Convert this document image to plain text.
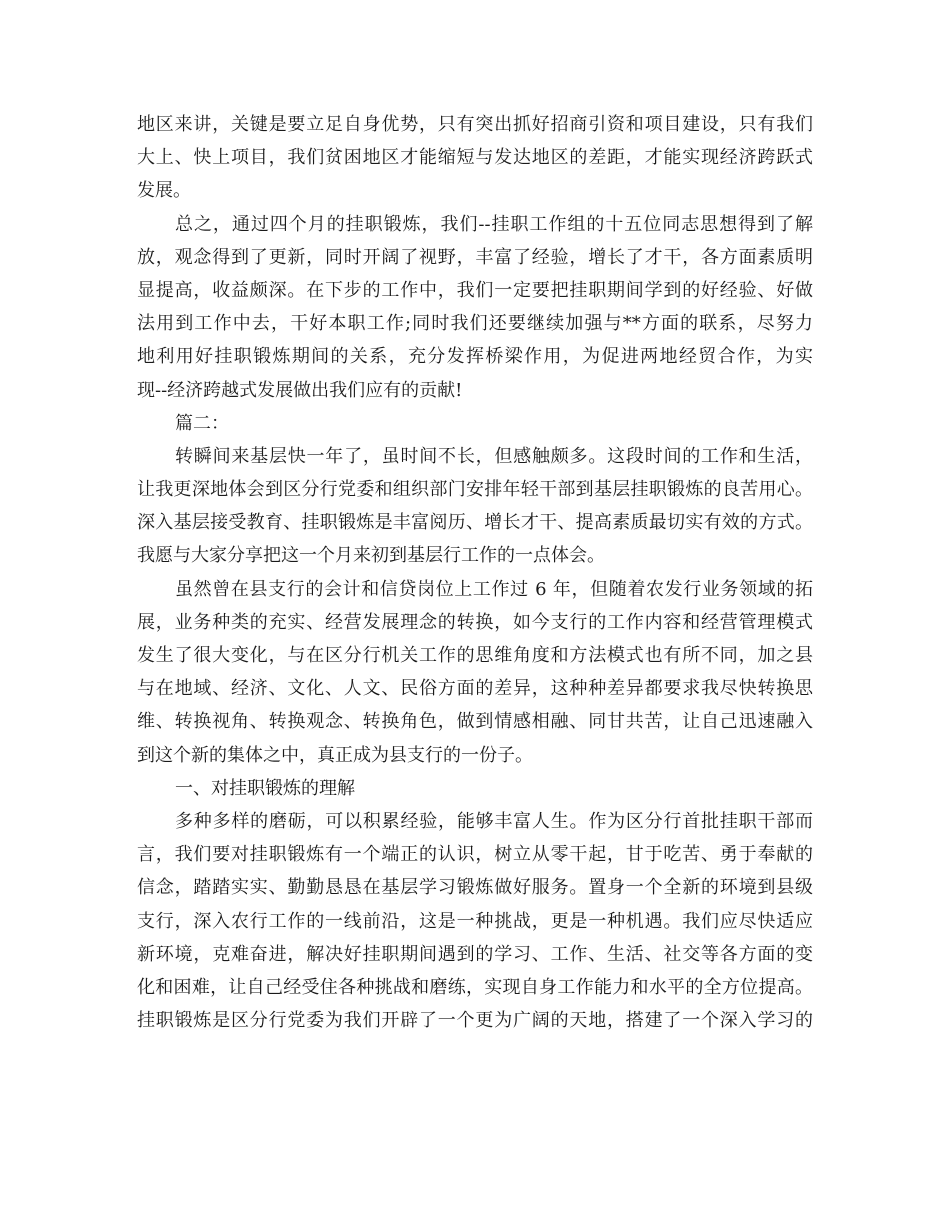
地区来讲，关键是要立足自身优势，只有突出抓好招商引资和项目建设，只有我们
大上、快上项目，我们贫困地区才能缩短与发达地区的差距，才能实现经济跨跃式
发展。
总之，通过四个月的挂职锻炼，我们--挂职工作组的十五位同志思想得到了解
放，观念得到了更新，同时开阔了视野，丰富了经验，增长了才干，各方面素质明
显提高，收益颇深。在下步的工作中，我们一定要把挂职期间学到的好经验、好做
法用到工作中去，干好本职工作;同时我们还要继续加强与**方面的联系，尽努力
地利用好挂职锻炼期间的关系，充分发挥桥梁作用，为促进两地经贸合作，为实
现--经济跨越式发展做出我们应有的贡献!
篇二：
转瞬间来基层快一年了，虽时间不长，但感触颇多。这段时间的工作和生活，
让我更深地体会到区分行党委和组织部门安排年轻干部到基层挂职锻炼的良苦用心。
深入基层接受教育、挂职锻炼是丰富阅历、增长才干、提高素质最切实有效的方式。
我愿与大家分享把这一个月来初到基层行工作的一点体会。
虽然曾在县支行的会计和信贷岗位上工作过 6 年，但随着农发行业务领域的拓
展，业务种类的充实、经营发展理念的转换，如今支行的工作内容和经营管理模式
发生了很大变化，与在区分行机关工作的思维角度和方法模式也有所不同，加之县
与在地域、经济、文化、人文、民俗方面的差异，这种种差异都要求我尽快转换思
维、转换视角、转换观念、转换角色，做到情感相融、同甘共苦，让自己迅速融入
到这个新的集体之中，真正成为县支行的一份子。
一、对挂职锻炼的理解
多种多样的磨砺，可以积累经验，能够丰富人生。作为区分行首批挂职干部而
言，我们要对挂职锻炼有一个端正的认识，树立从零干起，甘于吃苦、勇于奉献的
信念，踏踏实实、勤勤恳恳在基层学习锻炼做好服务。置身一个全新的环境到县级
支行，深入农行工作的一线前沿，这是一种挑战，更是一种机遇。我们应尽快适应
新环境，克难奋进，解决好挂职期间遇到的学习、工作、生活、社交等各方面的变
化和困难，让自己经受住各种挑战和磨练，实现自身工作能力和水平的全方位提高。
挂职锻炼是区分行党委为我们开辟了一个更为广阔的天地，搭建了一个深入学习的
